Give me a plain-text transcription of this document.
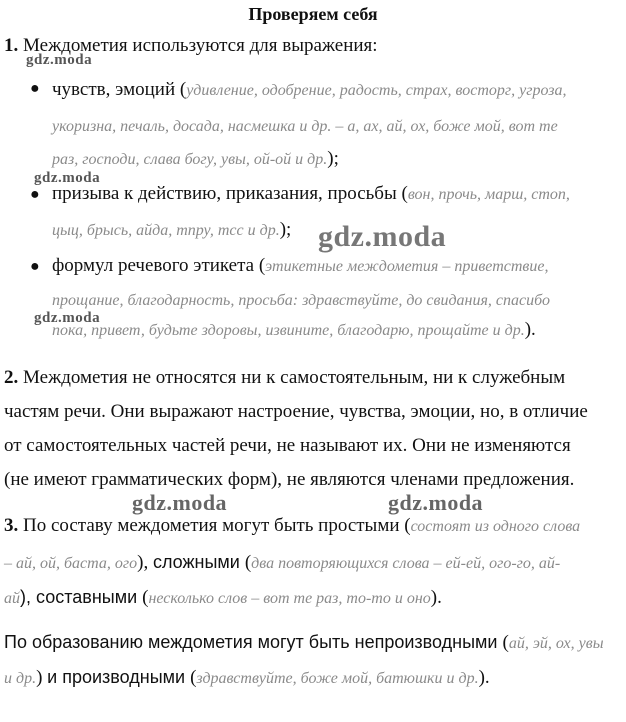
Проверяем себя
1. Междометия используются для выражения:
gdz.moda
● чувств, эмоций (удивление, одобрение, радость, страх, восторг, угроза,
укоризна, печаль, досада, насмешка и др. – а, ах, ай, ох, боже мой, вот те
раз, господи, слава богу, увы, ой-ой и др.);
gdz.moda
● призыва к действию, приказания, просьбы (вон, прочь, марш, стоп,
цыц, брысь, айда, тпру, тсс и др.); gdz.moda
● формул речевого этикета (этикетные междометия – приветствие,
прощание, благодарность, просьба: здравствуйте, до свидания, спасибо
gdz.moda
пока, привет, будьте здоровы, извините, благодарю, прощайте и др.).
2. Междометия не относятся ни к самостоятельным, ни к служебным
частям речи. Они выражают настроение, чувства, эмоции, но, в отличие
от самостоятельных частей речи, не называют их. Они не изменяются
(не имеют грамматических форм), не являются членами предложения.
gdz.moda	gdz.moda
3. По составу междометия могут быть простыми (состоят из одного слова
– ай, ой, баста, ого), сложными (два повторяющихся слова – ей-ей, ого-го, ай-
ай), составными (несколько слов – вот те раз, то-то и оно).
По образованию междометия могут быть непроизводными (ай, эй, ох, увы
и др.) и производными (здравствуйте, боже мой, батюшки и др.).
